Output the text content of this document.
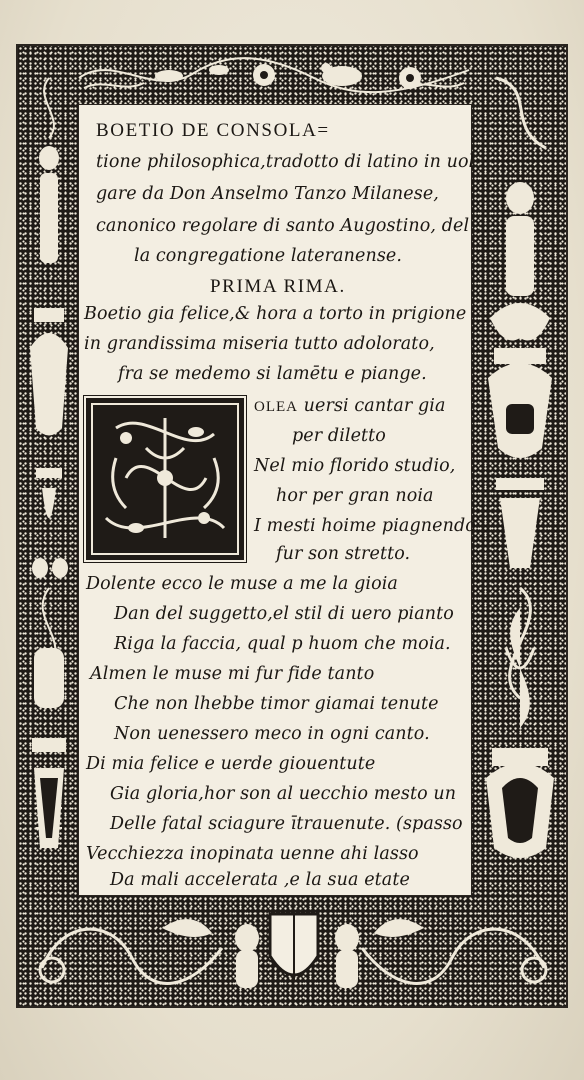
BOETIO DE CONSOLA=
tione philosophica,tradotto di latino in uol
gare da Don Anselmo Tanzo Milanese,
canonico regolare di santo Augostino, del
la congregatione lateranense.
PRIMA RIMA.
Boetio gia felice,& hora a torto in prigione
in grandissima miseria tutto adolorato,
fra se medemo si lamētu e piange.
OLEA uersi cantar gia
per diletto
Nel mio florido studio,
hor per gran noia
I mesti hoime piagnendo
fur son stretto.
Dolente ecco le muse a me la gioia
Dan del suggetto,el stil di uero pianto
Riga la faccia, qual p huom che moia.
Almen le muse mi fur fide tanto
Che non lhebbe timor giamai tenute
Non uenessero meco in ogni canto.
Di mia felice e uerde giouentute
Gia gloria,hor son al uecchio mesto un
Delle fatal sciagure ītrauenute. (spasso
Vecchiezza inopinata uenne ahi lasso
Da mali accelerata ,e la sua etate
